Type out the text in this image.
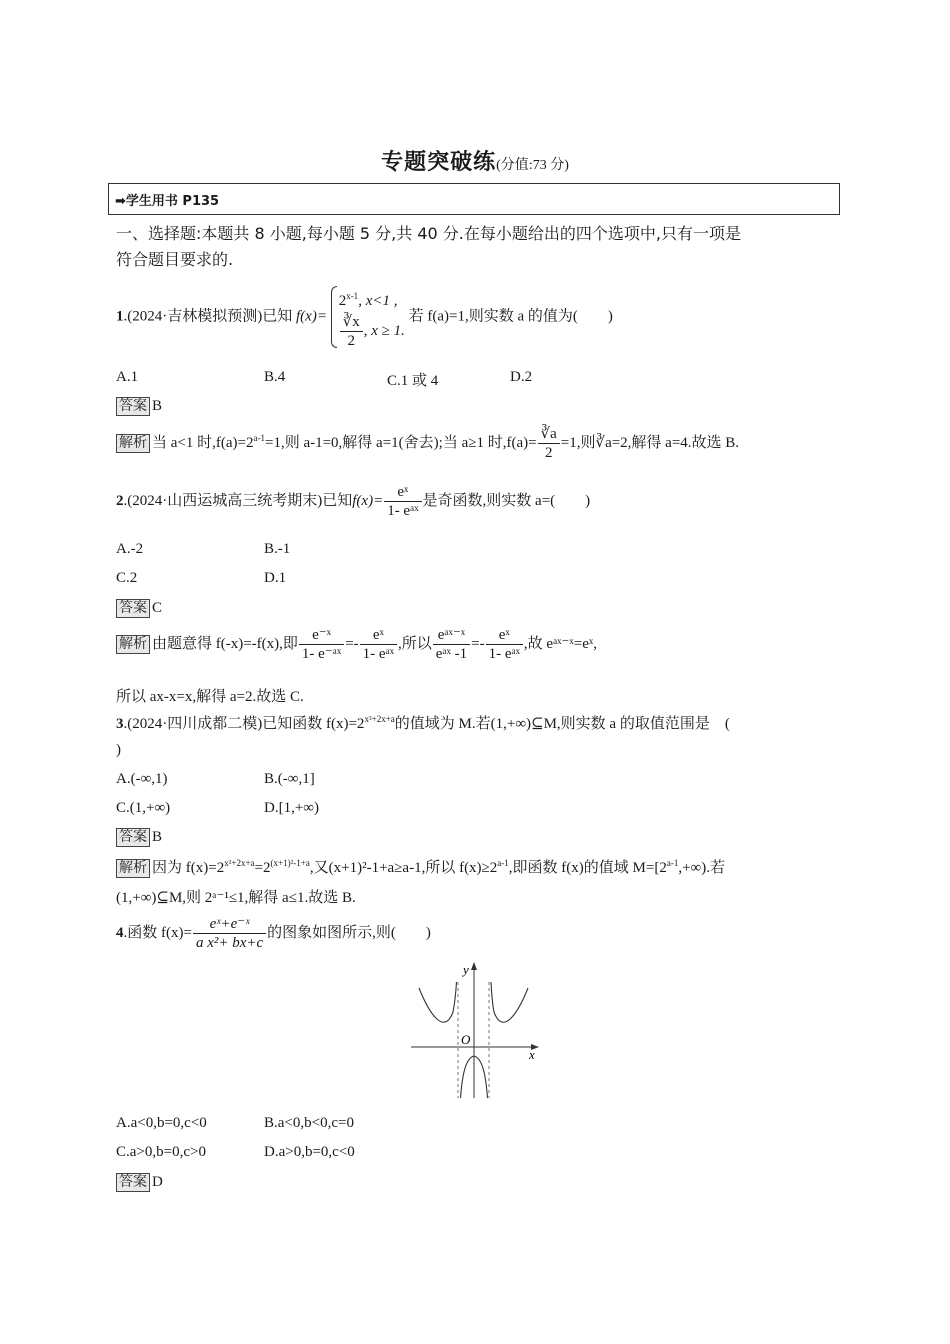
专题突破练(分值:73 分)
➡学生用书 P135
一、选择题:本题共 8 小题,每小题 5 分,共 40 分.在每小题给出的四个选项中,只有一项是
符合题目要求的.
1.(2024·吉林模拟预测)已知 f(x)=
2$^{x-1}$, x<1 ,
$\frac{∛x}{2}$ , x ≥ 1.
若 f(a)=1,则实数 a 的值为(　　)
A.1	B.4	C.1 或 4	D.2
答案 B
解析 当 a<1 时$,f(a)=2^{a-1}=1$,则 a-1=0,解得 a=1(舍去);当 a≥1 时$,f(a)= \frac{∛a}{2} =1$,则∛a=2,解得 a=4.故选 B.
2.(2024·山西运城高三统考期末)已知$f(x)= \frac{\text{eˣ}}{\text{1- eᵃˣ}}$ 是奇函数,则实数 a=(　　)
A.-2	B.-1
C.2	D.1
答案 C
解析 由题意得 f(-x)=-f(x),即 $\frac{\text{e⁻ˣ}}{\text{1- e⁻ᵃˣ}} =- \frac{\text{eˣ}}{\text{1- eᵃˣ}}$ ,所以 $\frac{\text{eᵃˣ⁻ˣ}}{\text{eᵃˣ -1}} =- \frac{\text{eˣ}}{\text{1- eᵃˣ}}$ ,故 eᵃˣ⁻ˣ=eˣ,
所以 ax-x=x,解得 a=2.故选 C.
3.(2024·四川成都二模)已知函数 $f(x)=2^{x^2+2x+a}$的值域为 M.若(1,+∞)⊆M,则实数 a 的取值范围是　(
)
A.(-∞,1)	B.(-∞,1]
C.(1,+∞)	D.[1,+∞)
答案 B
解析 因为 $f(x)=2^{x^2+2x+a}=2^{(x+1)^2-1+a}$,又(x+1)²-1+a≥a-1,所以 $f(x)\ge 2^{a-1}$,即函数 f(x)的值域 $M=[2^{a-1},+\infty)$.若
(1,+∞)⊆M,则 2ᵃ⁻¹≤1,解得 a≤1.故选 B.
4.函数 $f(x)= \frac{\text{eˣ+e⁻ˣ}}{\text{a x²+ bx+c}}$ 的图象如图所示,则(　　)
y
x
O
A.a<0,b=0,c<0	B.a<0,b<0,c=0
C.a>0,b=0,c>0	D.a>0,b=0,c<0
答案 D
